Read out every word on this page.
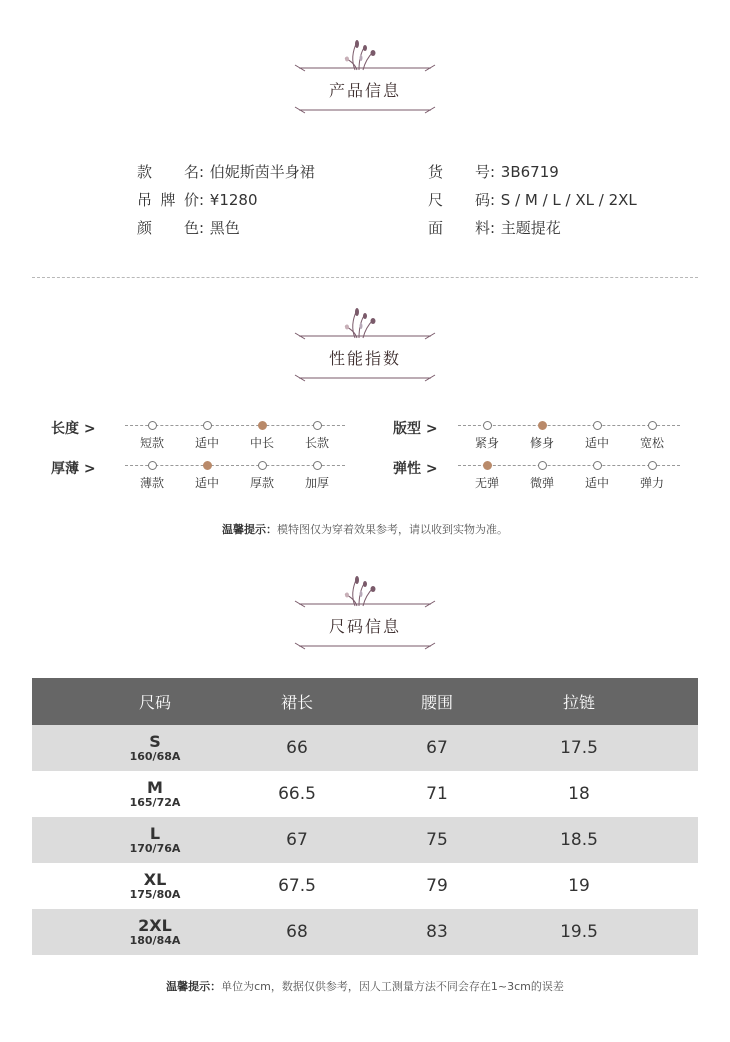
产品信息
款名: 伯妮斯茵半身裙
吊牌价: ¥1280
颜色: 黑色
货号: 3B6719
尺码: S / M / L / XL / 2XL
面料: 主题提花
性能指数
长度 >
短款	适中	中长	长款
版型 >
紧身	修身	适中	宽松
厚薄 >
薄款	适中	厚款	加厚
弹性 >
无弹	微弹	适中	弹力
温馨提示：模特图仅为穿着效果参考，请以收到实物为准。
尺码信息
尺码	裙长	腰围	拉链
S
160/68A	66	67	17.5
M
165/72A	66.5	71	18
L
170/76A	67	75	18.5
XL
175/80A	67.5	79	19
2XL
180/84A	68	83	19.5
温馨提示：单位为cm，数据仅供参考，因人工测量方法不同会存在1~3cm的误差
